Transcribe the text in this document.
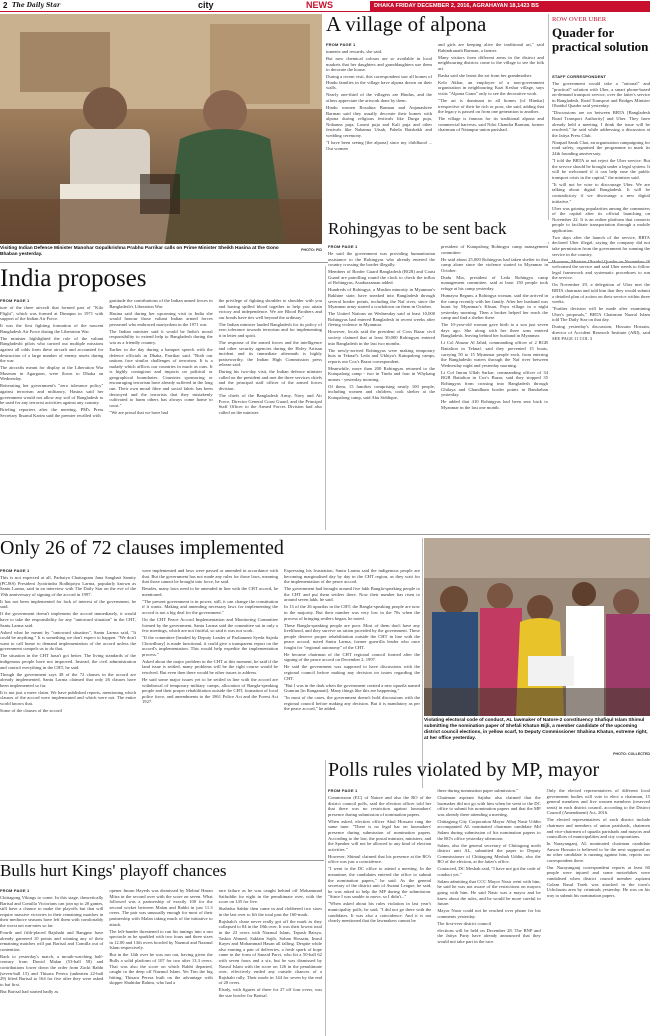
2 The Daily Star	city	NEWS	DHAKA FRIDAY DECEMBER 2, 2016, AGRAHAYAN 18,1423 BS
Visiting Indian Defence Minister Manohar Gopalkrishna Prabhu Parrikar calls on Prime Minister Sheikh Hasina at the Gono Bhaban yesterday.
PHOTO: PID
A village of alpona
FROM PAGE 1

tuments and rewards, she said.

But now chemical colours are so available in local markets that her daughters and granddaughters use them to decorate the house.

During a recent visit, this correspondent saw all homes of Hindu families in the village have alpona drawn on their walls.

Nearly one-third of the villagers are Hindus, and the others appreciate the artwork done by them.

Hindu women Rosalina Barman and Anjanashree Barman said they usually decorate their homes with alpona during religious festivals like Durga puja, Nobanna puja, Laxmi puja and Kali puja and other festivals like Nabanna Utsab, Pahela Baishakh and wedding ceremony.

"I have been seeing [the alpona] since my childhood ... Our women

and girls are keeping alive the traditional art," said Rabindranath Barman, a farmer.

Many visitors from different areas in the district and neighbouring districts come to the village to see the folk art.

Rasha said she learnt the art from her grandmother.

Kelo Akbar, an employee of a non-government organisation in neighbouring Kazi Keshar village, says visits "Alpona Gram" only to see the decorative work.

"The art is dominant in all homes [of Hindus] irrespective of their be rich or poor, she said, adding that the legacy is passed on from one generation to another.

The village is famous for its traditional alpona and commercial harvests, said Niloi Chandra Barman, former chairman of Natanpur union parishad.

ROW OVER UBER
Quader for practical solution
STAFF CORRESPONDENT

The government would take a "rational" and "practical" solution with Uber, a smart phone-based on-demand transport service, over the latter's service in Bangladesh, Road Transport and Bridges Minister Obaidul Quader said yesterday.

"Discussions are on between BRTA [Bangladesh Road Transport Authority] and Uber. They have already held a meeting. I think the issue will be resolved," he said while addressing a discussion at the Jatiya Press Club.

Nirapad Sarak Chai, an organisation campaigning for road safety, organised the programme to mark its 24th founding anniversary.

"I told the BRTA to not reject the Uber service. But the service should be brought under a legal system. It will be welcomed if it can help ease the public transport crisis in the capital," the minister said.

"It will not be wise to discourage Uber. We are talking about digital Bangladesh. It will be contradictory if we discourage a new digital initiative."

Uber was gaining popularities among the commuters of the capital after its official launching on November 22. It is an online platform that connects people to facilitate transportation through a mobile application.

Two days after the launch of the service, BRTA declared Uber illegal, saying the company did not take permission from the government for running the service in the country.

welcomed the service and said Uber needs to follow legal framework and systematic procedures to run the service.

On November 29, a delegation of Uber met the BRTA chairman and told him that they would submit a detailed plan of action on their service within three weeks.

"Further decision will be made after examining Uber's proposals," BRTA Chairman Nazrul Islam told The Daily Star on that day.

During yesterday's discussion, Hossain Hossain, director of Accident Research Institute (ARI), said SEE PAGE 11 COL 3

India proposes
FROM PAGE 1

ture of the three aircraft that formed part of "Kilo Flight", which was formed at Dimapur in 1971 with support of the Indian Air Force.

It was the first fighting formation of the nascent Bangladesh Air Force during the Liberation War.

The minister highlighted the role of the valiant Bangladeshi pilots who carried out multiple missions against all odds from these aircraft and accounted for destruction of a large number of enemy assets during the war.

The aircrafts meant for display at the Liberation War Museum in Agargaon, were flown to Dhaka on Wednesday.

Reiterating her government's "zero tolerance policy" against terrorism and militancy, Hasina said her government would not allow any soil of Bangladesh to be used for any terrorist activities against any country.

Briefing reporters after the meeting, PM's Press Secretary Ihsanul Karim said the premier recalled with

gratitude the contributions of the Indian armed forces in Bangladesh's Liberation War.

Hasina said during her upcoming visit to India she would honour those valiant Indian armed forces personnel who embraced martyrdom in the 1971 war.

The Indian minister said it would be India's moral responsibility to extend help to Bangladesh during the war as a friendly country.

Earlier in the day during a banquet speech with the defence officials in Dhaka, Parrikar said, "Both our nations face similar challenges of terrorism. It is a malady which afflicts our countries in much as ours. It is highly contagious and impacts on political or geographical boundaries. Countries sponsoring or encouraging terrorism have already suffered in the long run. Their own moral fibre and social fabric has been destroyed and the terrorists that they mistakenly cultivated to harm others has always come home to roost."

"We are proud that we have had

the privilege of fighting shoulder to shoulder with you and having spilled blood together to help you attain victory and independence. We are Blood Brothers and our bonds have ties well beyond the ordinary."

The Indian minister lauded Bangladesh for its policy of zero tolerance towards terrorism and for implementing it in letter and spirit.

The response of the armed forces and the intelligence and other security agencies during the Holey Artisan incident and its immediate aftermath is highly praiseworthy, the Indian High Commission press release said.

During his two-day visit, the Indian defence minister called on the president and met the three services chiefs and the principal staff officer of the armed forces division.

The chiefs of the Bangladesh Army, Navy and Air Force, Director General Coast Guard, and the Principal Staff Officer to the Armed Forces Division had also called on the minister.

Rohingyas to be sent back
FROM PAGE 1

He said the government was providing humanitarian assistance to the Rohingyas who already entered the country crossing the border illegally.

Members of Border Guard Bangladesh (BGB) and Coast Guard are patrolling round the clock to check the influx of Rohingyas, Asaduzzaman added.

Hundreds of Rohingya, a Muslim minority in Myanmar's Rakhine state, have sneaked into Bangladesh through several border points, including the Naf river, since the Myanmar army started a crackdown on them in October.

The United Nations on Wednesday said at least 10,000 Rohingyas had entered Bangladesh in recent weeks after fleeing violence in Myanmar.

However, locals said the president of Coxs Bazar civil society claimed that at least 30,000 Rohingyas entered into Bangladesh in the last two months.

The newly-arrived Rohingyas were making temporary huts in Teknaf's Leda and Ukhiya's Kutupalong camps, reports our Cox's Bazar correspondent.

Meanwhile, more than 200 Rohingyas returned to the Kutupalong camp - two in Tindu and four in Whykang unions - yesterday morning.

Of them, 15 families comprising nearly 100 people, including women and children, took shelter at the Kutupalong camp, said Abu Siddique,

president of Kutupalong Rohingya camp management committee.

He said about 25,000 Rohingyas had taken shelter in that camp alone since the violence started in Myanmar in October.

Dudu Mia, president of Leda Rohingya camp management committee, said at least 150 people took refuge at his camp yesterday.

Humayra Begum, a Rohingya woman, said she arrived in the camp recently with her family. After her husband was burnt by Myanmar's Khsan, Paya village in a night yesterday morning. Then a broker helped her reach the camp and find a shelter there.

The 10-year-old woman gave birth to a son just seven days ago. She along with her three sons entered Bangladesh, leaving behind her husband in Myanmar.

Lt Col Abuzar Al Jahid, commanding officer of 2 BGB Battalion in Teknaf, said they prevented 15 boats, carrying 50 to 15 Myanmar people each, from entering the Bangladeshi waters through the Naf river between Wednesday night and yesterday morning.

Lt Col Imran Ullah Sarkar, commanding officer of 34 BGB Battalion in Cox's Bazar, said they stopped 35 Rohingyas from crossing into Bangladesh through Ghilaya and Ghundhum border points in Bandarban yesterday.

He added that 410 Rohingyas had been sent back to Myanmar in the last one month.

Only 26 of 72 clauses implemented
FROM PAGE 1

This is not expected at all, Parbatya Chattagram Jana Sanghati Samity (PCJSS) President Jyotirindra Bodhipriya Larma, popularly known as Santu Larma, said in an interview with The Daily Star on the eve of the 19th anniversary of signing of the accord in 1997.

It has not been implemented for lack of interest of the government, he said.

If the government doesn't implement the accord immediately, it would have to take the responsibility for any "untoward situation" in the CHT, Santu Larma said.

Asked what he meant by "untoward situation", Santu Larma said, "It could be anything." It is something we don't expect to happen. "We don't want to call home to demand implementation of the accord unless the government compels us to do that.

The situation in the CHT hasn't got better. The living standards of the indigenous people have not improved. Instead, the civil administration and control everything in the CHT, he said.

Though the government says 48 of the 72 clauses in the accord are already implemented, Santu Larma claimed that only 26 clauses have been implemented so far.

It is not just a mere claim. We have published reports, mentioning which clauses of the accord were implemented and which were not. The entire world knows that.

Some of the clauses of the accord

were implemented and laws were passed or amended in accordance with that. But the government has not made any rules for those laws, meaning that those cannot be brought into force, he said.

Besides, many laws need to be amended in line with the CHT accord, he mentioned.

"The present government is in power, still, it can change the constitution if it wants. Making and amending necessary laws for implementing the accord is not a big deal for the government."

On the CHT Peace Accord Implementation and Monitoring Committee formed by the government, Santu Larma said the committee sat in only a few meetings, which are not fruitful, so said it was not work.

"If the committee [headed by Deputy Leader of Parliament Syeda Sajeda Chowdhury] is made functional, it could give a transparent report on the accord's implementation. This would help expedite the implementation process."

Asked about the major problem in the CHT at this moment, he said if the land issue is settled, many problems will be the right course would be resolved. But even then there would be other issues to address.

He said some major issues yet to be settled in line with the accord are withdrawal of temporary military camps, allocation of Bangla-speaking people and their proper rehabilitation outside the CHT, formation of local police force, and amendments to the 1861 Police Act and the Forest Act 1927.

Expressing his frustration, Santu Larma said the indigenous people are becoming marginalised day by day in the CHT region, as they wait for the implementation of the peace accord.

The government had brought around five lakh Bangla-speaking people to the CHT and put them settlers there. Now their number has risen to around seven lakh, he said.

In 13 of the 26 upazilas in the CHT, the Bangla-speaking people are now in the majority. But their number was very low in the 70s when the process of bringing settlers began, he noted.

These Bangla-speaking people are poor. Most of them don't have any livelihood, and they survive on ration provided by the government. These people deserve proper rehabilitation outside the CHT in line with the peace accord, noted Santu Larma, former guerrilla leader who once fought for "regional autonomy" of the CHT.

He became chairman of the CHT regional council formed after the signing of the peace accord on December 2, 1997.

He said the government was supposed to have discussions with the regional council before making any decision on issues regarding the CHT.

"But I was in the dark when the government created a new upazila named Gumrun [in Rangamati]. Many things like this are happening."

"In most of the cases, the government doesn't hold discussions with the regional council before making any decision. But it is mandatory as per the peace accord," he added.

Violating electoral code of conduct, AL lawmaker of Natore-2 constituency Shafiqul Islam Shimul submitting the nomination paper of Shefali Khatun Bijli, a member candidate of the upcoming district council elections, in yellow scarf, to Deputy Commissioner Shahina Khatun, extreme right, at her office yesterday.
PHOTO: COLLECTED
Polls rules violated by MP, mayor
FROM PAGE 1

Commission (EC) of Natore and also the RO of the district council polls, said the election officer told her that there was no restriction against lawmakers' presence during submission of nomination papers.

When asked, election officer Abul Hossain rang the same tune. "There is no legal bar on lawmakers' presence during submission of nomination papers. According to the law, the postal minister, ministers, and the Speaker will not be allowed to any kind of election activities."

However, Shimul claimed that his presence at the RO's office was just a coincidence.

"I went to the DC office to attend a meeting. In the meantime, the candidates entered the office to submit the nomination papers," he said. As the general secretary of the district unit of Awami League, he said, he was asked to help the MP during the submission. "Since I was unable to move, so I didn't..."

"When asked about his rules violation in last year's municipality polls, he said, "I did not go there with the candidates. It was also a coincidence. And it is not clearly mentioned that the lawmakers cannot be

there during nomination paper submission."

Chairman aspirant Sajidur also claimed that the lawmaker did not go with him when he went to the DC office to submit his nomination papers and that the MP was already there attending a meeting.

Chittagong City Corporation Mayor Alhaj Nasir Uddin accompanied AL nominated chairman candidate Md Salam during submission of his nomination papers to the RO's office yesterday afternoon.

Salam, also the general secretary of Chittagong north district unit AL, submitted the paper to Deputy Commissioner of Chittagong Mesbah Uddin, also the RO of the election, at the latter's office.

Contacted, DC Mesbah said, "I have not got the code of conduct yet."

Salam admitting that CCC Mayor Nasir went with him, he said he was not aware of the restrictions on mayors going with him. He said Nasir was a mayor and he knew about the rules, and he would be more careful in future.

Mayor Nasir could not be reached over phone for his comments yesterday.

The first-ever district council

elections will be held on December 28. The BNP and the Jatiya Party have already announced that they would not take part in the race.

Only the elected representatives of different local government bodies will vote to elect a chairman, 15 general members and five women members (reserved seats) in each district council, according to the District Council (Amendment) Act, 2016.

The elected representatives of each district include chairmen and members of union parishads, chairmen and vice-chairmen of upazila parishads and mayors and councillors of municipalities and city corporations.

In Narayanganj, AL nominated chairman candidate Anwar Hossain is believed to be the next supposed as no other candidate is running against him, reports our correspondent there.

Our Narayanganj correspondent reports at least 60 people were injured and some motorbikes were vandalised when district council member aspirant Golam Rasul Tarek was attacked in the town's Uchchaotu area by criminals yesterday. He was on his way to submit his nomination papers.

Bulls hurt Kings' playoff chances
FROM PAGE 1

Chittagong Vikings to come. In this stage, theoretically Barisal and Comilla Victorians can join up to 20 games, still have a chance to make the playoffs but that will require massive victories in their remaining matches in their mediocre seasons have left them with comfortably the worst net run-rates so far.

Fourth and fifth-placed Rajshahi and Rangpur have already garnered 10 points and winning any of their remaining matches will put Barisal and Comilla out of contention.

Back to yesterday's match, a mouth-watching half-century from Dawid Malan (53-ball 58) and contributions lower down the order from Zacki Rabbi (seven-ball 15) and Thisara Perera (unbeaten 22-ball 29) lifted Barisal to 164 for five after they were asked to bat first.

But Barisal had started badly as

opener Imrun Hayeds was dismissed by Mohiuf Hasan Mitra in the second over with the score on seven. What followed was a partnership of exactly 100 for the second wicket between Malan and Rabbi in just 11.3 overs. The pair was unusually enough for most of their partnership with Malan taking much of the initiative to attack.

The left-hander threatened to run his innings into a run spectacle as he sparkled with two fours and three sixes in 12.00 and 13th overs bowled by Nazmul and Nazmul Islam respectively.

But in the 14th over he was run out, having given the Bulls a solid platform of 107 for two after 13.3 overs. That was also the score on which Rabbi departed, caught in the deep off Nazmul Islam. Yet Tim the big hitting, Thisara Perera built on the advantage with skipper Shahidur Rahim, who had a

rare failure as he was caught behind off Mohammad Saifuddin for eight in the penultimate over, with the score on 145 for five.

Shahidur Sabbir then came in and clobbered two sixes in the last over to lift the total past the 160-mark.

Rajshahi's chase never really got off the mark as they collapsed to 84 in the 18th over. It was their lowest total in the 23 overs with Nazmul Islam, Tapash Baisya, Taskin Ahmed, Saklain Sajib, Sohan Hossain, Imrul Kayes and Mohammad Hasan all falling. Despite while also earning a pair of deliveries, a fresh spark of hope came in the form of Sanzid Parvi, who hit a 50-ball 62 with seven fours and a six, but he was dismissed by Nasrul Islam with the score on 126 in the penultimate over, effectively ended any outside chances of a Rajshahi rally. Their mode in 144 for seven by the end of 20 overs.

Elsidy, with figures of three for 27 off four overs, was the star bowler for Barisal.
